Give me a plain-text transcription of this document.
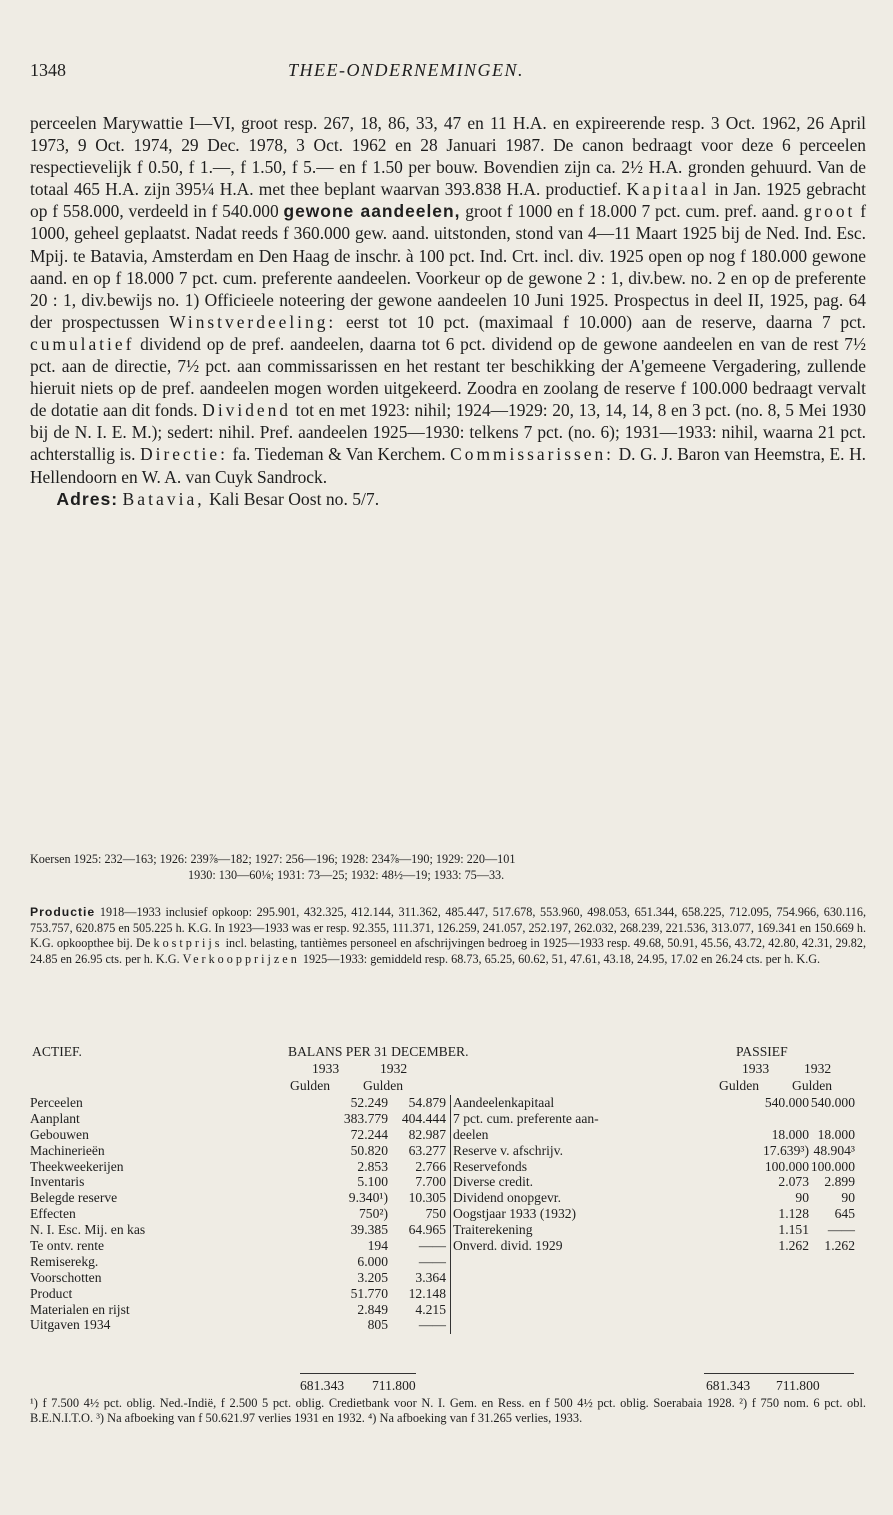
1348	THEE-ONDERNEMINGEN.

perceelen Marywattie I—VI, groot resp. 267, 18, 86, 33, 47 en 11 H.A. en expireerende resp. 3 Oct. 1962, 26 April 1973, 9 Oct. 1974, 29 Dec. 1978, 3 Oct. 1962 en 28 Januari 1987. De canon bedraagt voor deze 6 perceelen respectievelijk f 0.50, f 1.—, f 1.50, f 5.— en f 1.50 per bouw. Bovendien zijn ca. 2½ H.A. gronden gehuurd. Van de totaal 465 H.A. zijn 395¼ H.A. met thee beplant waarvan 393.838 H.A. productief. Kapitaal in Jan. 1925 gebracht op f 558.000, verdeeld in f 540.000 gewone aandeelen, groot f 1000 en f 18.000 7 pct. cum. pref. aand. groot f 1000, geheel geplaatst. Nadat reeds f 360.000 gew. aand. uitstonden, stond van 4—11 Maart 1925 bij de Ned. Ind. Esc. Mpij. te Batavia, Amsterdam en Den Haag de inschr. à 100 pct. Ind. Crt. incl. div. 1925 open op nog f 180.000 gewone aand. en op f 18.000 7 pct. cum. preferente aandeelen. Voorkeur op de gewone 2 : 1, div.bew. no. 2 en op de preferente 20 : 1, div.bewijs no. 1) Officieele noteering der gewone aandeelen 10 Juni 1925. Prospectus in deel II, 1925, pag. 64 der prospectussen Winstverdeeling: eerst tot 10 pct. (maximaal f 10.000) aan de reserve, daarna 7 pct. cumulatief dividend op de pref. aandeelen, daarna tot 6 pct. dividend op de gewone aandeelen en van de rest 7½ pct. aan de directie, 7½ pct. aan commissarissen en het restant ter beschikking der A'gemeene Vergadering, zullende hieruit niets op de pref. aandeelen mogen worden uitgekeerd. Zoodra en zoolang de reserve f 100.000 bedraagt vervalt de dotatie aan dit fonds. Dividend tot en met 1923: nihil; 1924—1929: 20, 13, 14, 14, 8 en 3 pct. (no. 8, 5 Mei 1930 bij de N. I. E. M.); sedert: nihil. Pref. aandeelen 1925—1930: telkens 7 pct. (no. 6); 1931—1933: nihil, waarna 21 pct. achterstallig is. Directie: fa. Tiedeman & Van Kerchem. Commissarissen: D. G. J. Baron van Heemstra, E. H. Hellendoorn en W. A. van Cuyk Sandrock.

Adres: Batavia, Kali Besar Oost no. 5/7.

Koersen 1925: 232—163; 1926: 239⅞—182; 1927: 256—196; 1928: 234⅞—190; 1929: 220—101
1930: 130—60⅛; 1931: 73—25; 1932: 48½—19; 1933: 75—33.
Productie 1918—1933 inclusief opkoop: 295.901, 432.325, 412.144, 311.362, 485.447, 517.678, 553.960, 498.053, 651.344, 658.225, 712.095, 754.966, 630.116, 753.757, 620.875 en 505.225 h. K.G. In 1923—1933 was er resp. 92.355, 111.371, 126.259, 241.057, 252.197, 262.032, 268.239, 221.536, 313.077, 169.341 en 150.669 h. K.G. opkoopthee bij. De kostprijs incl. belasting, tantièmes personeel en afschrijvingen bedroeg in 1925—1933 resp. 49.68, 50.91, 45.56, 43.72, 42.80, 42.31, 29.82, 24.85 en 26.95 cts. per h. K.G. Verkoopprijzen 1925—1933: gemiddeld resp. 68.73, 65.25, 60.62, 51, 47.61, 43.18, 24.95, 17.02 en 26.24 cts. per h. K.G.
ACTIEF.	BALANS PER 31 DECEMBER.	PASSIEF
1933	1932	1933	1932
Gulden Gulden	Gulden Gulden
Perceelen	52.249 54.879
Aanplant	383.779 404.444
Gebouwen	72.244 82.987
Machinerieën	50.820 63.277
Theekweekerijen	2.853 2.766
Inventaris	5.100 7.700
Belegde reserve	9.340¹) 10.305
Effecten	750²)	750
N. I. Esc. Mij. en kas	39.385 64.965
Te ontv. rente	194 ——
Remiserekg.	6.000 ——
Voorschotten	3.205 3.364
Product	51.770 12.148
Materialen en rijst	2.849 4.215
Uitgaven 1934	805 ——
Aandeelenkapitaal	540.000 540.000
7 pct. cum. preferente aan-
deelen	18.000 18.000
Reserve v. afschrijv.	17.639³) 48.904³
Reservefonds	100.000 100.000
Diverse credit.	2.073 2.899
Dividend onopgevr.	90 90
Oogstjaar 1933 (1932)	1.128 645
Traiterekening	1.151 ——
Onverd. divid. 1929	1.262 1.262
681.343 711.800	681.343 711.800
¹) f 7.500 4½ pct. oblig. Ned.-Indië, f 2.500 5 pct. oblig. Credietbank voor N. I. Gem. en Ress. en f 500 4½ pct. oblig. Soerabaia 1928. ²) f 750 nom. 6 pct. obl. B.E.N.I.T.O. ³) Na afboeking van f 50.621.97 verlies 1931 en 1932. ⁴) Na afboeking van f 31.265 verlies, 1933.
